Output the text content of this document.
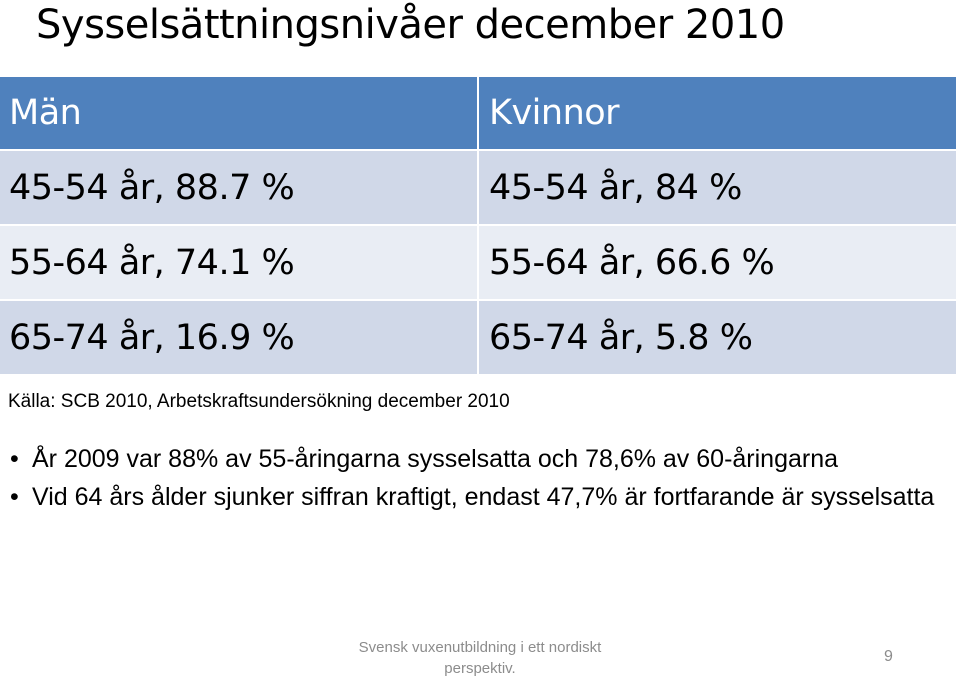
Sysselsättningsnivåer december 2010
Män	Kvinnor
45-54 år, 88.7 %	45-54 år, 84 %
55-64 år, 74.1 %	55-64 år, 66.6 %
65-74 år, 16.9 %	65-74 år, 5.8 %
Källa: SCB 2010, Arbetskraftsundersökning december 2010
• År 2009 var 88% av 55-åringarna sysselsatta och 78,6% av 60-åringarna
• Vid 64 års ålder sjunker siffran kraftigt, endast 47,7% är fortfarande är sysselsatta
Svensk vuxenutbildning i ett nordiskt perspektiv.
9
